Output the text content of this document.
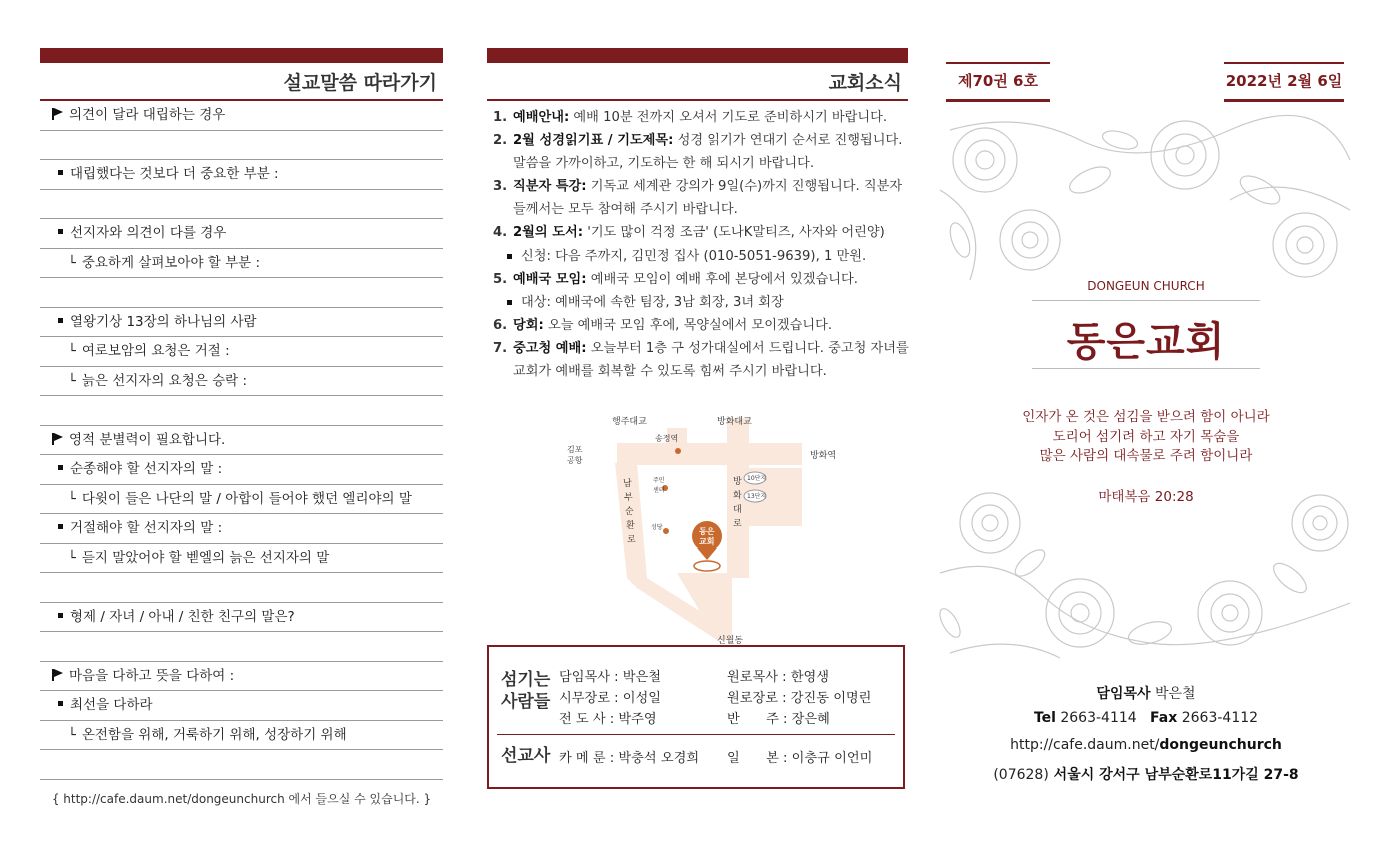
설교말씀 따라가기
의견이 달라 대립하는 경우
대립했다는 것보다 더 중요한 부분 :
선지자와 의견이 다를 경우
└ 중요하게 살펴보아야 할 부분 :
열왕기상 13장의 하나님의 사람
└ 여로보암의 요청은 거절 :
└ 늙은 선지자의 요청은 승락 :
영적 분별력이 필요합니다.
순종해야 할 선지자의 말 :
└ 다윗이 들은 나단의 말 / 아합이 들어야 했던 엘리야의 말
거절해야 할 선지자의 말 :
└ 듣지 말았어야 할 벧엘의 늙은 선지자의 말
형제 / 자녀 / 아내 / 친한 친구의 말은?
마음을 다하고 뜻을 다하여 :
최선을 다하라
└ 온전함을 위해, 거룩하기 위해, 성장하기 위해
{ http://cafe.daum.net/dongeunchurch 에서 들으실 수 있습니다. }
교회소식
1. 예배안내: 예배 10분 전까지 오셔서 기도로 준비하시기 바랍니다.
2. 2월 성경읽기표 / 기도제목: 성경 읽기가 연대기 순서로 진행됩니다. 말씀을 가까이하고, 기도하는 한 해 되시기 바랍니다.
3. 직분자 특강: 기독교 세계관 강의가 9일(수)까지 진행됩니다. 직분자들께서는 모두 참여해 주시기 바랍니다.
4. 2월의 도서: '기도 많이 걱정 조금' (도나K말티즈, 사자와 어린양)
신청: 다음 주까지, 김민정 집사 (010-5051-9639), 1 만원.
5. 예배국 모임: 예배국 모임이 예배 후에 본당에서 있겠습니다.
대상: 예배국에 속한 팀장, 3남 회장, 3녀 회장
6. 당회: 오늘 예배국 모임 후에, 목양실에서 모이겠습니다.
7. 중고청 예배: 오늘부터 1층 구 성가대실에서 드립니다. 중고청 자녀를 교회가 예배를 회복할 수 있도록 힘써 주시기 바랍니다.
행주대교	방화대교
송정역
김포
공항	방화역
남
부
순
환
로
방
화
대
로
주민
센터
성당
10단지
13단지
동은
교회
신월동
섬기는
사람들
담임목사 : 박은철	원로목사 : 한영생
시무장로 : 이성일	원로장로 : 강진동 이명린
전 도 사 : 박주영	반　　주 : 장은혜
선교사 카 메 룬 : 박충석 오경희 일　　본 : 이충규 이언미
제70권 6호	2022년 2월 6일
DONGEUN CHURCH
동은교회
인자가 온 것은 섬김을 받으려 함이 아니라
도리어 섬기려 하고 자기 목숨을
많은 사람의 대속물로 주려 함이니라
마태복음 20:28
담임목사 박은철
Tel 2663-4114 Fax 2663-4112
http://cafe.daum.net/dongeunchurch
(07628) 서울시 강서구 남부순환로11가길 27-8
